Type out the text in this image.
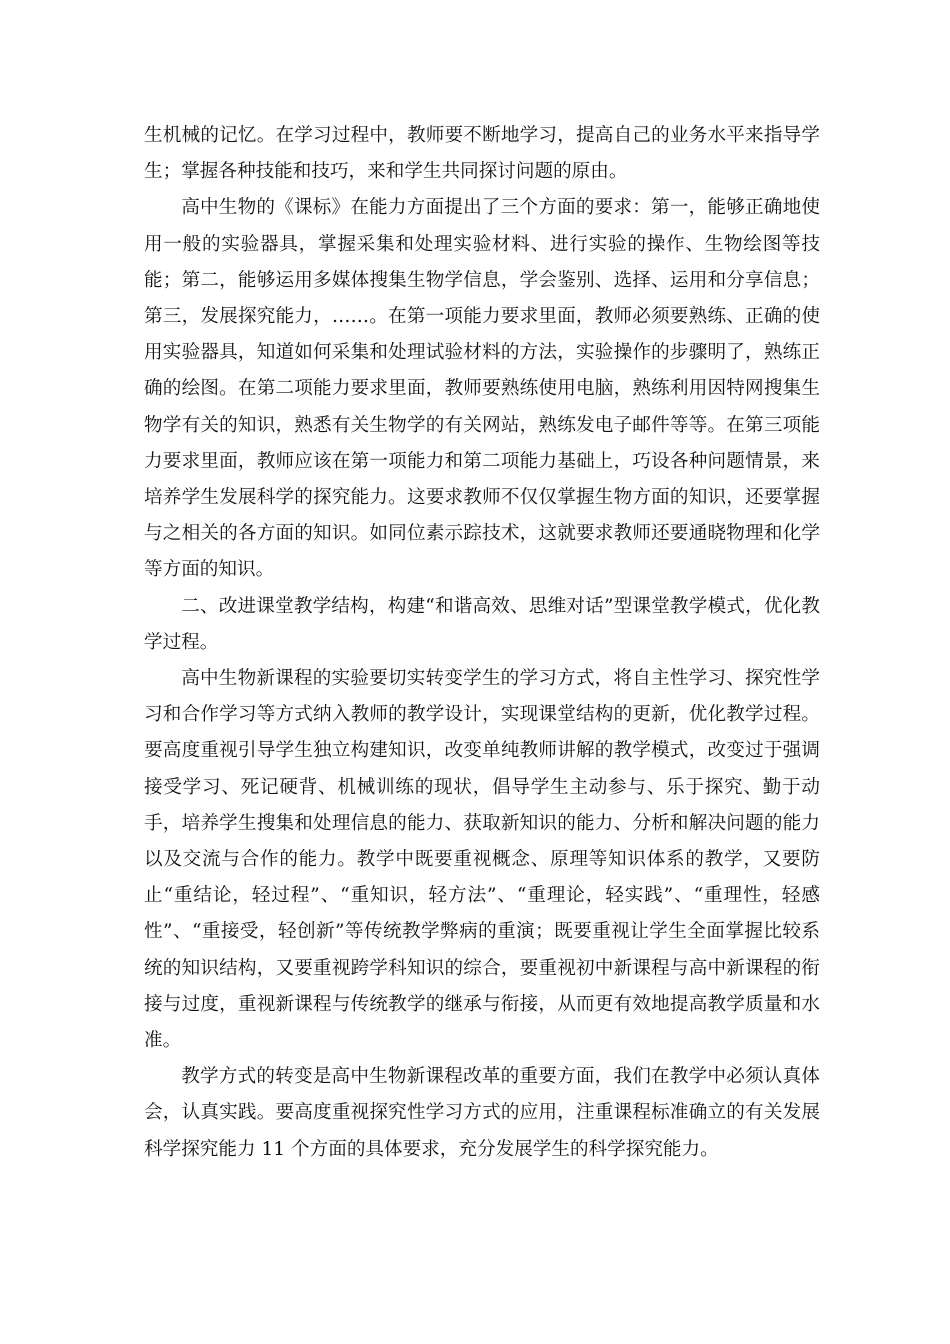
生机械的记忆。在学习过程中，教师要不断地学习，提高自己的业务水平来指导学生；掌握各种技能和技巧，来和学生共同探讨问题的原由。

高中生物的《课标》在能力方面提出了三个方面的要求：第一，能够正确地使用一般的实验器具，掌握采集和处理实验材料、进行实验的操作、生物绘图等技能；第二，能够运用多媒体搜集生物学信息，学会鉴别、选择、运用和分享信息；第三，发展探究能力，……。在第一项能力要求里面，教师必须要熟练、正确的使用实验器具，知道如何采集和处理试验材料的方法，实验操作的步骤明了，熟练正确的绘图。在第二项能力要求里面，教师要熟练使用电脑，熟练利用因特网搜集生物学有关的知识，熟悉有关生物学的有关网站，熟练发电子邮件等等。在第三项能力要求里面，教师应该在第一项能力和第二项能力基础上，巧设各种问题情景，来培养学生发展科学的探究能力。这要求教师不仅仅掌握生物方面的知识，还要掌握与之相关的各方面的知识。如同位素示踪技术，这就要求教师还要通晓物理和化学等方面的知识。

二、改进课堂教学结构，构建“和谐高效、思维对话”型课堂教学模式，优化教学过程。

高中生物新课程的实验要切实转变学生的学习方式，将自主性学习、探究性学习和合作学习等方式纳入教师的教学设计，实现课堂结构的更新，优化教学过程。要高度重视引导学生独立构建知识，改变单纯教师讲解的教学模式，改变过于强调接受学习、死记硬背、机械训练的现状，倡导学生主动参与、乐于探究、勤于动手，培养学生搜集和处理信息的能力、获取新知识的能力、分析和解决问题的能力以及交流与合作的能力。教学中既要重视概念、原理等知识体系的教学，又要防止“重结论，轻过程”、“重知识，轻方法”、“重理论，轻实践”、“重理性，轻感性”、“重接受，轻创新”等传统教学弊病的重演；既要重视让学生全面掌握比较系统的知识结构，又要重视跨学科知识的综合，要重视初中新课程与高中新课程的衔接与过度，重视新课程与传统教学的继承与衔接，从而更有效地提高教学质量和水准。

教学方式的转变是高中生物新课程改革的重要方面，我们在教学中必须认真体会，认真实践。要高度重视探究性学习方式的应用，注重课程标准确立的有关发展科学探究能力 11 个方面的具体要求，充分发展学生的科学探究能力。
